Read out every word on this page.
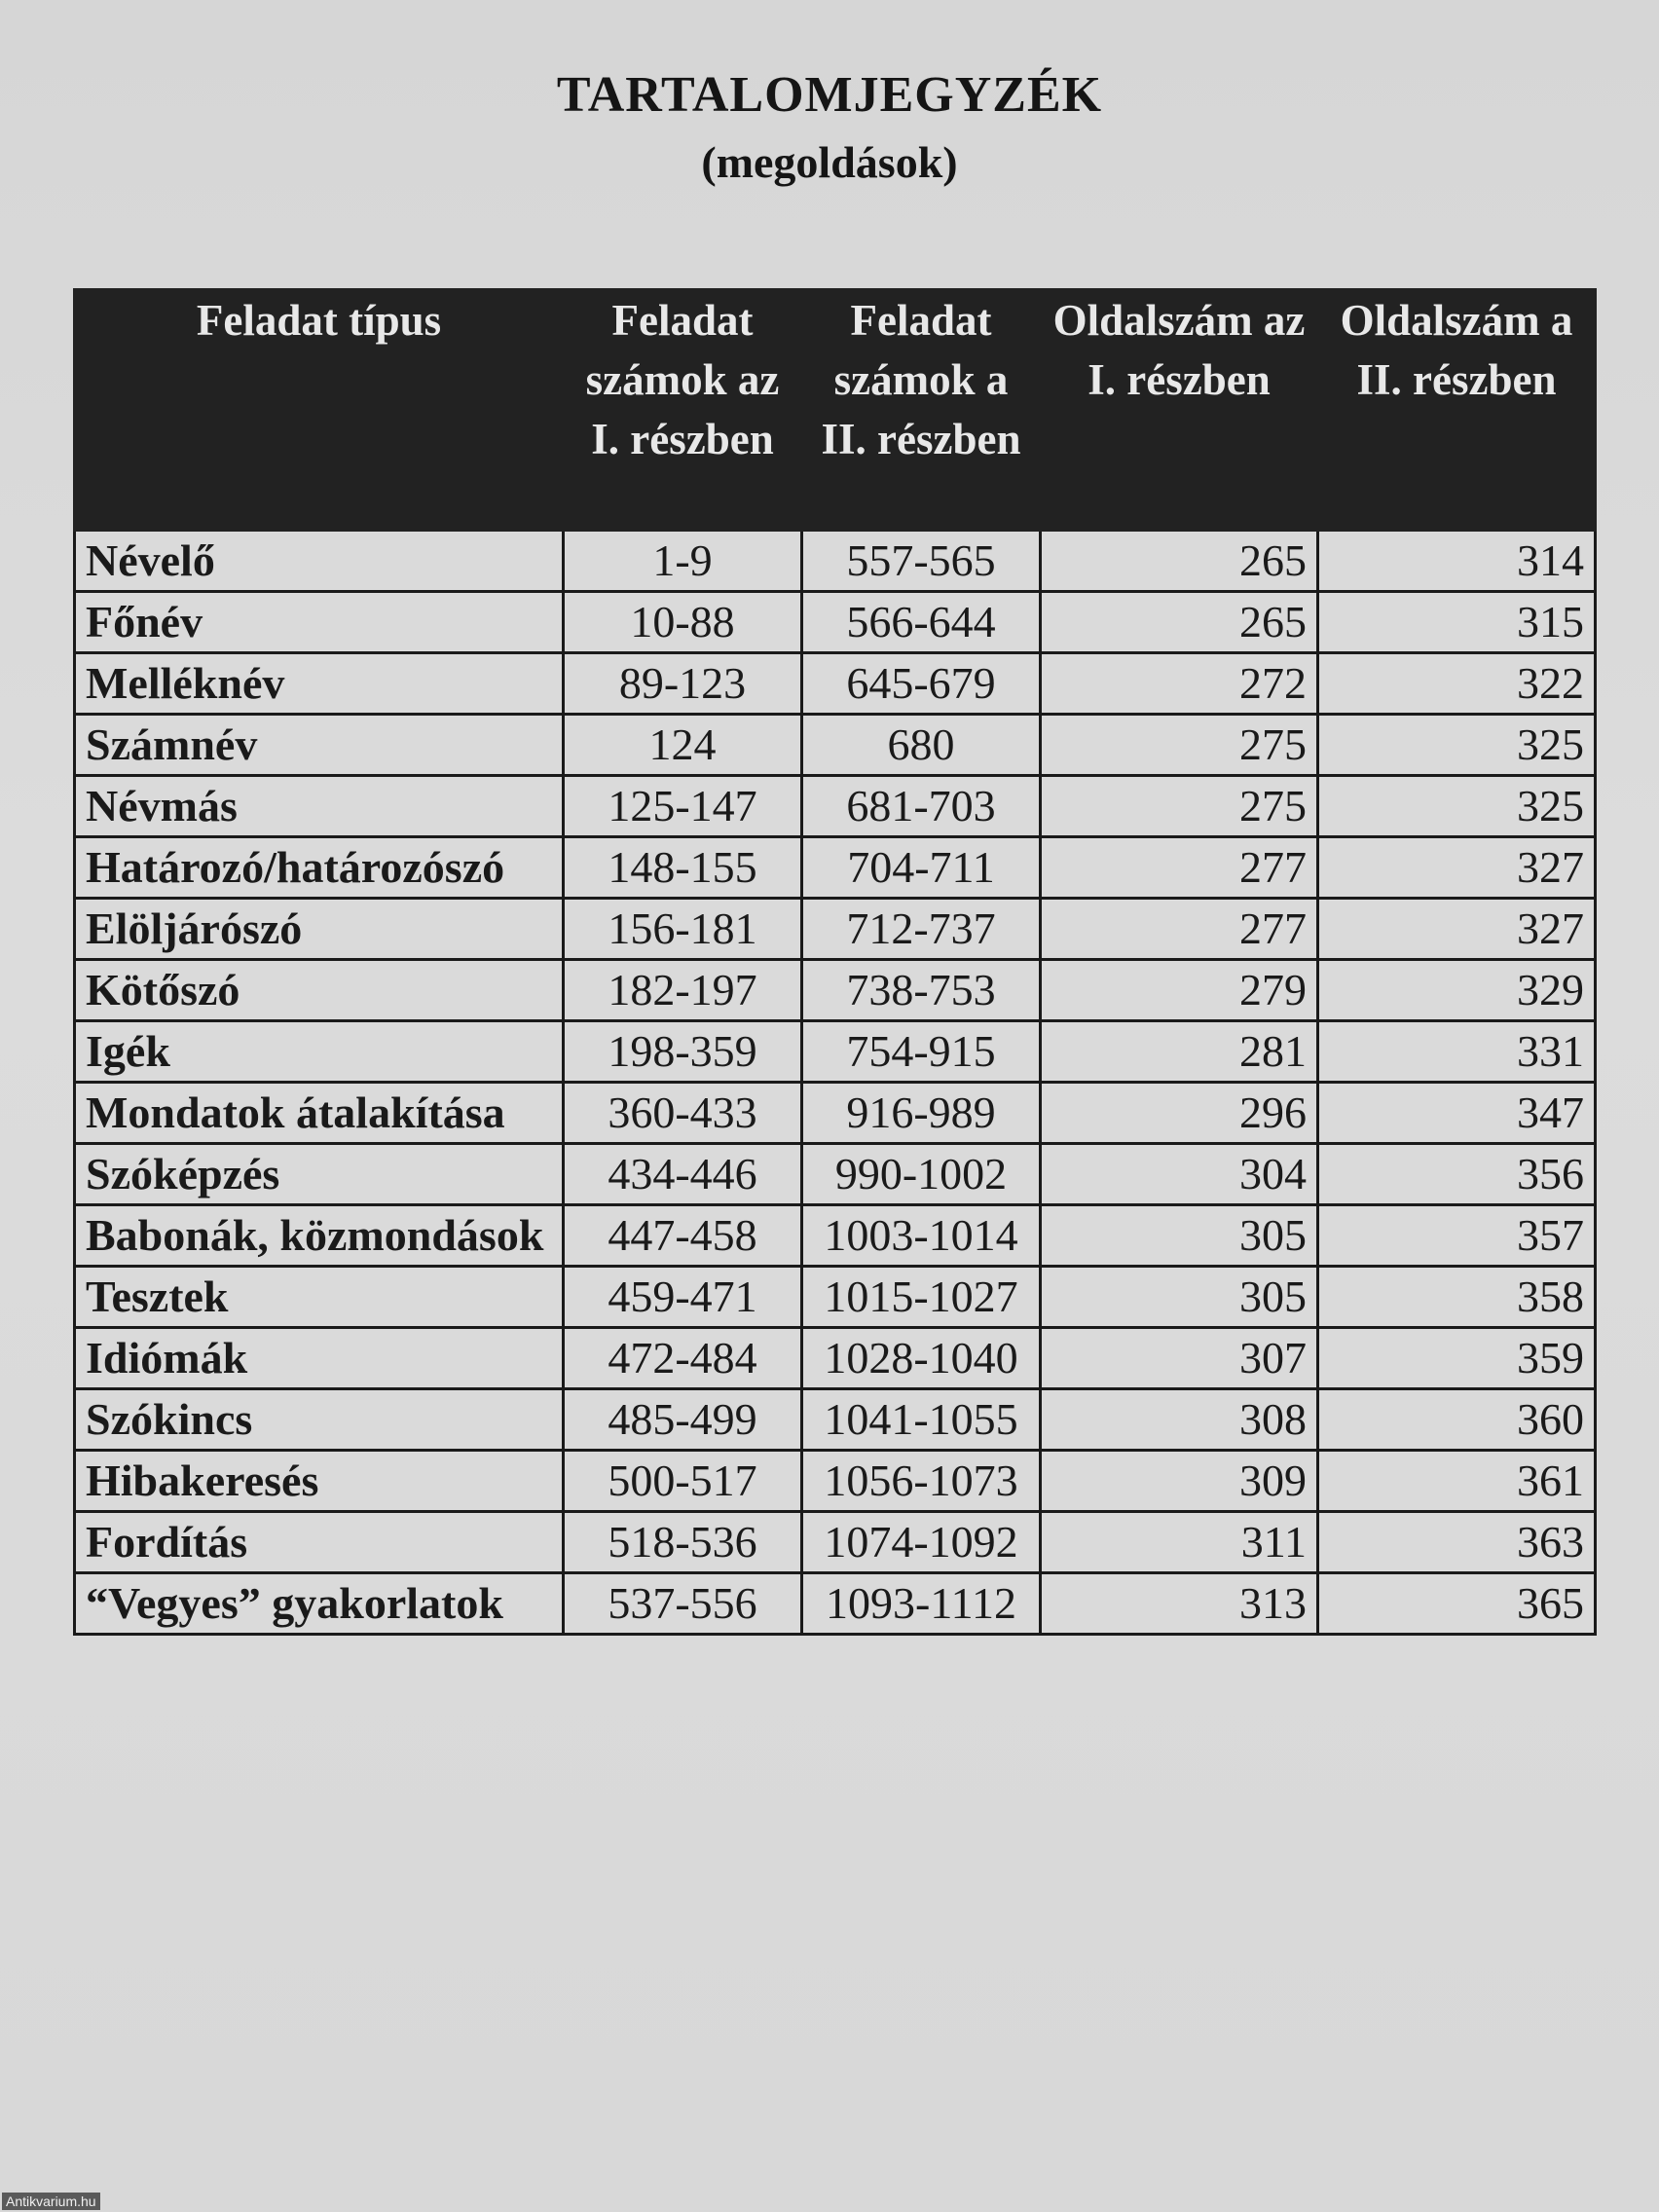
TARTALOMJEGYZÉK
(megoldások)
Feladat típus	Feladat számok az I. részben	Feladat számok a II. részben	Oldalszám az I. részben	Oldalszám a II. részben
Névelő	1-9	557-565	265	314
Főnév	10-88	566-644	265	315
Melléknév	89-123	645-679	272	322
Számnév	124	680	275	325
Névmás	125-147	681-703	275	325
Határozó/határozószó	148-155	704-711	277	327
Elöljárószó	156-181	712-737	277	327
Kötőszó	182-197	738-753	279	329
Igék	198-359	754-915	281	331
Mondatok átalakítása	360-433	916-989	296	347
Szóképzés	434-446	990-1002	304	356
Babonák, közmondások	447-458	1003-1014	305	357
Tesztek	459-471	1015-1027	305	358
Idiómák	472-484	1028-1040	307	359
Szókincs	485-499	1041-1055	308	360
Hibakeresés	500-517	1056-1073	309	361
Fordítás	518-536	1074-1092	311	363
“Vegyes” gyakorlatok	537-556	1093-1112	313	365
Antikvarium.hu
